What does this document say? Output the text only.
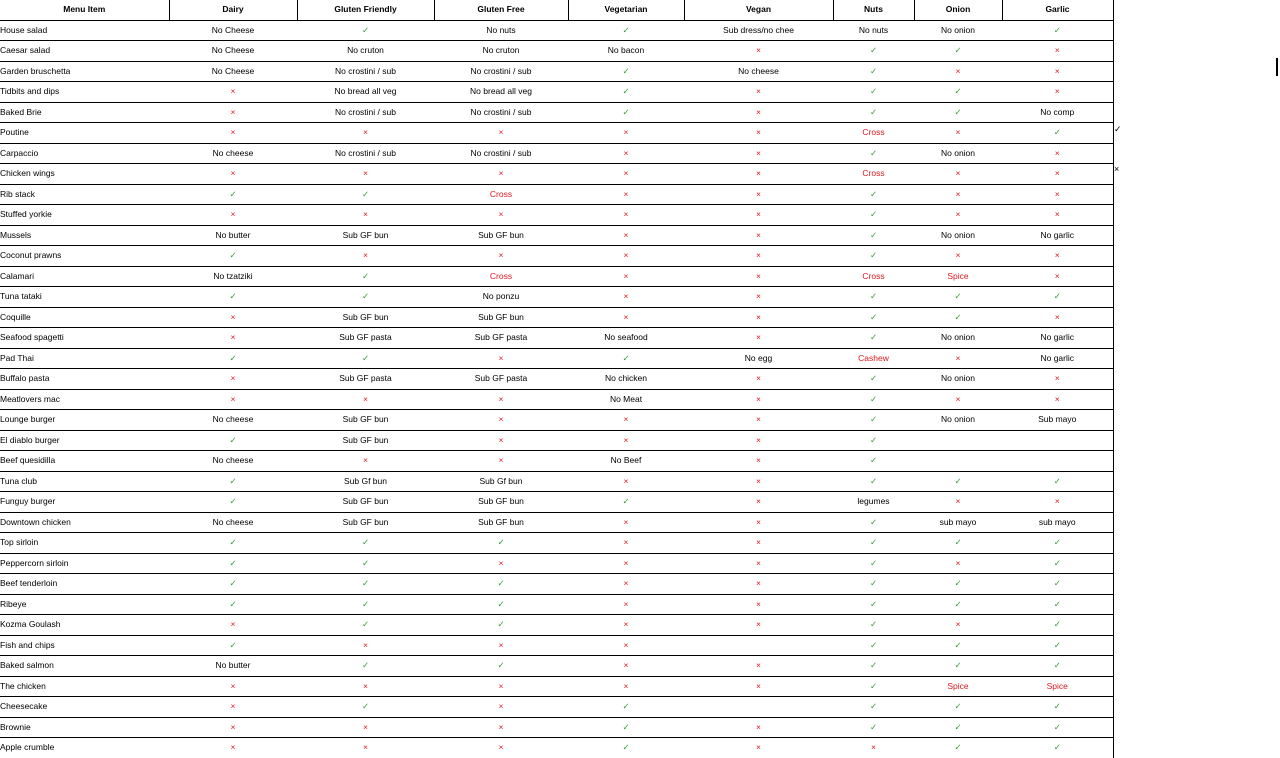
Menu Item	Dairy	Gluten Friendly	Gluten Free	Vegetarian	Vegan	Nuts	Onion	Garlic
House salad	No Cheese	✓	No nuts	✓	Sub dress/no chee	No nuts	No onion	✓
Caesar salad	No Cheese	No cruton	No cruton	No bacon	×	✓	✓	×
Garden bruschetta	No Cheese	No crostini / sub	No crostini / sub	✓	No cheese	✓	×	×
Tidbits and dips	×	No bread all veg	No bread all veg	✓	×	✓	✓	×
Baked Brie	×	No crostini / sub	No crostini / sub	✓	×	✓	✓	No comp
Poutine	×	×	×	×	×	Cross	×	✓
Carpaccio	No cheese	No crostini / sub	No crostini / sub	×	×	✓	No onion	×
Chicken wings	×	×	×	×	×	Cross	×	×
Rib stack	✓	✓	Cross	×	×	✓	×	×
Stuffed yorkie	×	×	×	×	×	✓	×	×
Mussels	No butter	Sub GF bun	Sub GF bun	×	×	✓	No onion	No garlic
Coconut prawns	✓	×	×	×	×	✓	×	×
Calamari	No tzatziki	✓	Cross	×	×	Cross	Spice	×
Tuna tataki	✓	✓	No ponzu	×	×	✓	✓	✓
Coquille	×	Sub GF bun	Sub GF bun	×	×	✓	✓	×
Seafood spagetti	×	Sub GF pasta	Sub GF pasta	No seafood	×	✓	No onion	No garlic
Pad Thai	✓	✓	×	✓	No egg	Cashew	×	No garlic
Buffalo pasta	×	Sub GF pasta	Sub GF pasta	No chicken	×	✓	No onion	×
Meatlovers mac	×	×	×	No Meat	×	✓	×	×
Lounge burger	No cheese	Sub GF bun	×	×	×	✓	No onion	Sub mayo
El diablo burger	✓	Sub GF bun	×	×	×	✓		
Beef quesidilla	No cheese	×	×	No Beef	×	✓		
Tuna club	✓	Sub Gf bun	Sub Gf bun	×	×	✓	✓	✓
Funguy burger	✓	Sub GF bun	Sub GF bun	✓	×	legumes	×	×
Downtown chicken	No cheese	Sub GF bun	Sub GF bun	×	×	✓	sub mayo	sub mayo
Top sirloin	✓	✓	✓	×	×	✓	✓	✓
Peppercorn sirloin	✓	✓	×	×	×	✓	×	✓
Beef tenderloin	✓	✓	✓	×	×	✓	✓	✓
Ribeye	✓	✓	✓	×	×	✓	✓	✓
Kozma Goulash	×	✓	✓	×	×	✓	×	✓
Fish and chips	✓	×	×	×		✓	✓	✓
Baked salmon	No butter	✓	✓	×	×	✓	✓	✓
The chicken	×	×	×	×	×	✓	Spice	Spice
Cheesecake	×	✓	×	✓		✓	✓	✓
Brownie	×	×	×	✓	×	✓	✓	✓
Apple crumble	×	×	×	✓	×	×	✓	✓
✓
×
